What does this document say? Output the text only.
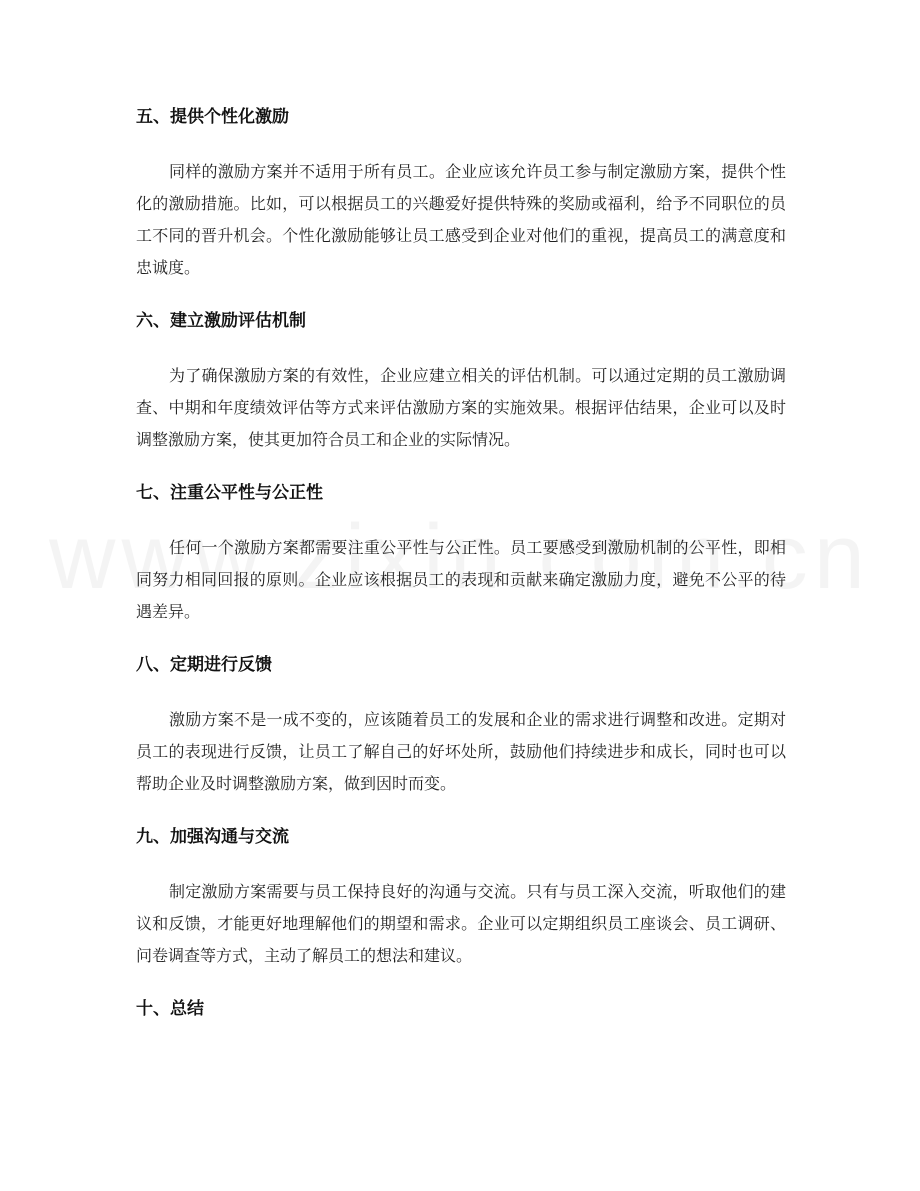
五、提供个性化激励

同样的激励方案并不适用于所有员工。企业应该允许员工参与制定激励方案，提供个性化的激励措施。比如，可以根据员工的兴趣爱好提供特殊的奖励或福利，给予不同职位的员工不同的晋升机会。个性化激励能够让员工感受到企业对他们的重视，提高员工的满意度和忠诚度。

六、建立激励评估机制

为了确保激励方案的有效性，企业应建立相关的评估机制。可以通过定期的员工激励调查、中期和年度绩效评估等方式来评估激励方案的实施效果。根据评估结果，企业可以及时调整激励方案，使其更加符合员工和企业的实际情况。

七、注重公平性与公正性

任何一个激励方案都需要注重公平性与公正性。员工要感受到激励机制的公平性，即相同努力相同回报的原则。企业应该根据员工的表现和贡献来确定激励力度，避免不公平的待遇差异。

八、定期进行反馈

激励方案不是一成不变的，应该随着员工的发展和企业的需求进行调整和改进。定期对员工的表现进行反馈，让员工了解自己的好坏处所，鼓励他们持续进步和成长，同时也可以帮助企业及时调整激励方案，做到因时而变。

九、加强沟通与交流

制定激励方案需要与员工保持良好的沟通与交流。只有与员工深入交流，听取他们的建议和反馈，才能更好地理解他们的期望和需求。企业可以定期组织员工座谈会、员工调研、问卷调查等方式，主动了解员工的想法和建议。

十、总结
